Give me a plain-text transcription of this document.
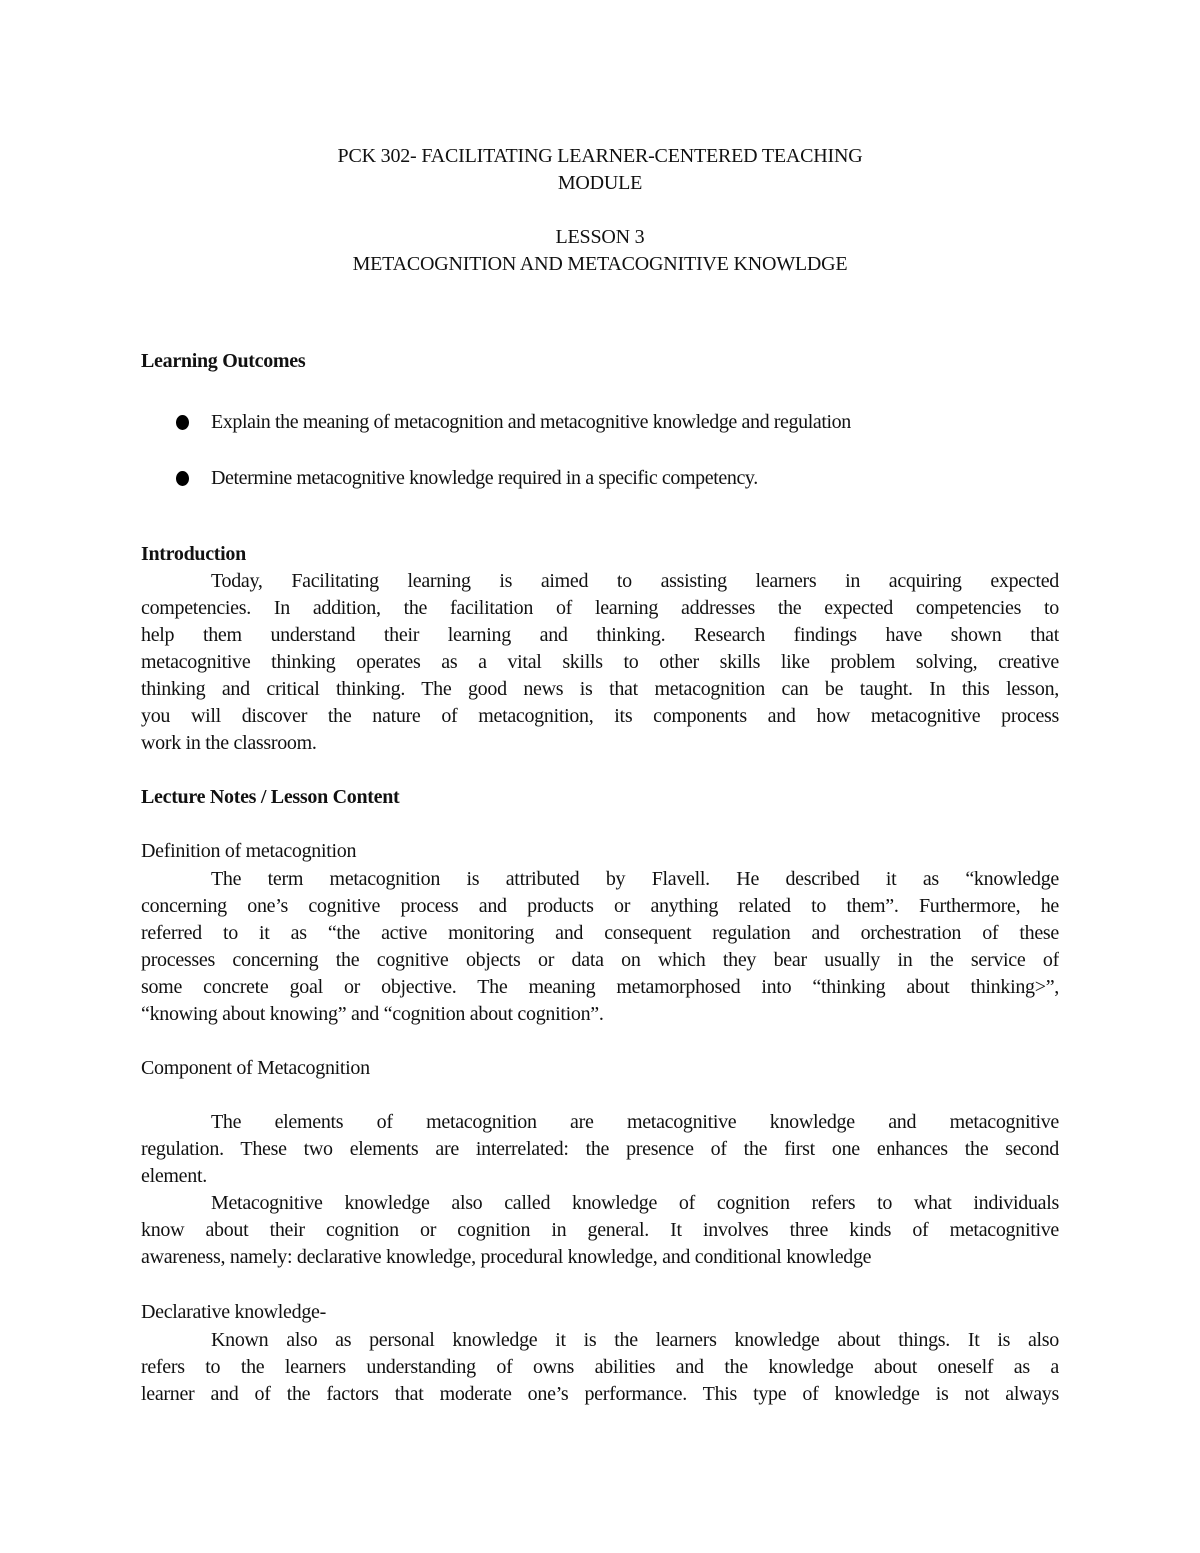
PCK 302- FACILITATING LEARNER-CENTERED TEACHING
MODULE
LESSON 3
METACOGNITION AND METACOGNITIVE KNOWLDGE
Learning Outcomes
Explain the meaning of metacognition and metacognitive knowledge and regulation
Determine metacognitive knowledge required in a specific competency.
Introduction
Today, Facilitating learning is aimed to assisting learners in acquiring expected
competencies. In addition, the facilitation of learning addresses the expected competencies to
help them understand their learning and thinking. Research findings have shown that
metacognitive thinking operates as a vital skills to other skills like problem solving, creative
thinking and critical thinking. The good news is that metacognition can be taught. In this lesson,
you will discover the nature of metacognition, its components and how metacognitive process
work in the classroom.
Lecture Notes / Lesson Content
Definition of metacognition
The term metacognition is attributed by Flavell. He described it as “knowledge
concerning one’s cognitive process and products or anything related to them”. Furthermore, he
referred to it as “the active monitoring and consequent regulation and orchestration of these
processes concerning the cognitive objects or data on which they bear usually in the service of
some concrete goal or objective. The meaning metamorphosed into “thinking about thinking>”,
“knowing about knowing” and “cognition about cognition”.
Component of Metacognition
The elements of metacognition are metacognitive knowledge and metacognitive
regulation. These two elements are interrelated: the presence of the first one enhances the second
element.
Metacognitive knowledge also called knowledge of cognition refers to what individuals
know about their cognition or cognition in general. It involves three kinds of metacognitive
awareness, namely: declarative knowledge, procedural knowledge, and conditional knowledge
Declarative knowledge-
Known also as personal knowledge it is the learners knowledge about things. It is also
refers to the learners understanding of owns abilities and the knowledge about oneself as a
learner and of the factors that moderate one’s performance. This type of knowledge is not always
